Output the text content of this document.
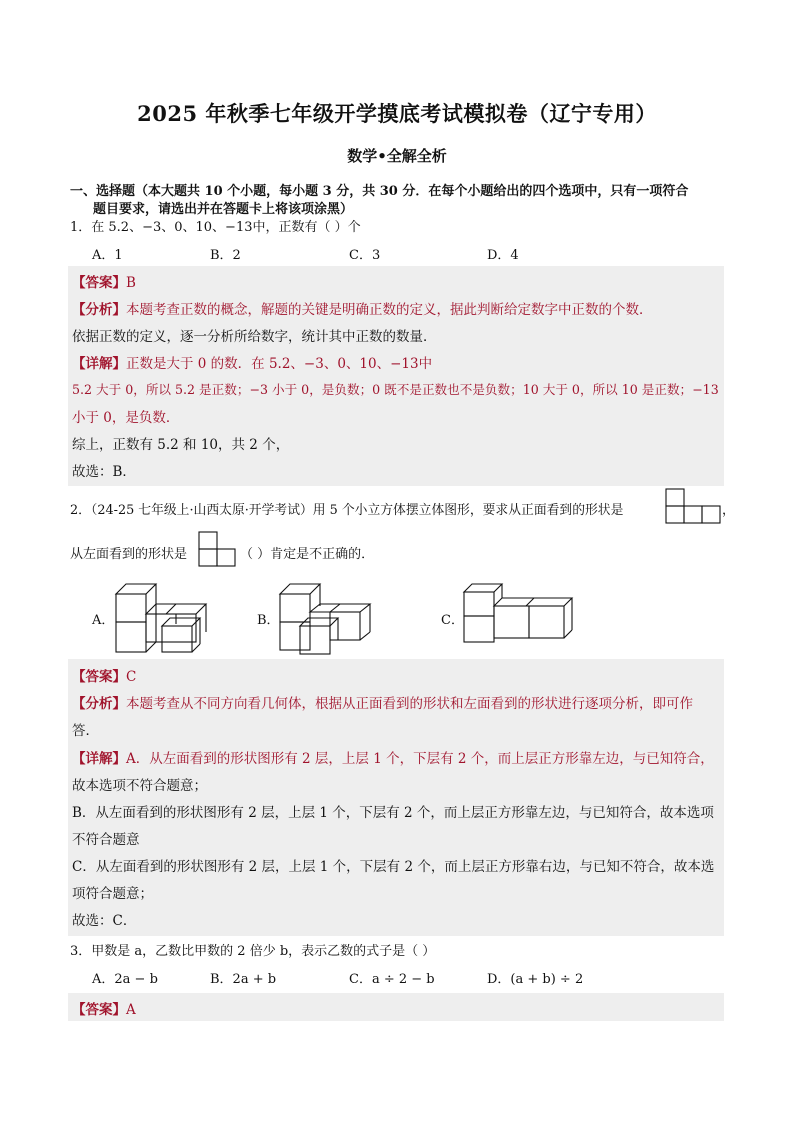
2025 年秋季七年级开学摸底考试模拟卷（辽宁专用）
数学•全解全析
一、选择题（本大题共 10 个小题，每小题 3 分，共 30 分．在每个小题给出的四个选项中，只有一项符合
题目要求，请选出并在答题卡上将该项涂黑）
1．在 5.2、−3、0、10、−13中，正数有（ ）个
A．1	B．2	C．3	D．4
【答案】B
【分析】本题考查正数的概念，解题的关键是明确正数的定义，据此判断给定数字中正数的个数．
依据正数的定义，逐一分析所给数字，统计其中正数的数量．
【详解】正数是大于 0 的数．在 5.2、−3、0、10、−13中
5.2 大于 0，所以 5.2 是正数；−3 小于 0，是负数；0 既不是正数也不是负数；10 大于 0，所以 10 是正数；−13
小于 0，是负数．
综上，正数有 5.2 和 10，共 2 个，
故选：B．
2．（24-25 七年级上·山西太原·开学考试）用 5 个小立方体摆立体图形，要求从正面看到的形状是	，
从左面看到的形状是	（ ）肯定是不正确的．
A．	B．	C．
【答案】C
【分析】本题考查从不同方向看几何体，根据从正面看到的形状和左面看到的形状进行逐项分析，即可作
答．
【详解】A．从左面看到的形状图形有 2 层，上层 1 个，下层有 2 个，而上层正方形靠左边，与已知符合，
故本选项不符合题意；
B．从左面看到的形状图形有 2 层，上层 1 个，下层有 2 个，而上层正方形靠左边，与已知符合，故本选项
不符合题意
C．从左面看到的形状图形有 2 层，上层 1 个，下层有 2 个，而上层正方形靠右边，与已知不符合，故本选
项符合题意；
故选：C．
3．甲数是 a，乙数比甲数的 2 倍少 b，表示乙数的式子是（ ）
A．2a − b	B．2a + b	C．a ÷ 2 − b	D．(a + b) ÷ 2
【答案】A
